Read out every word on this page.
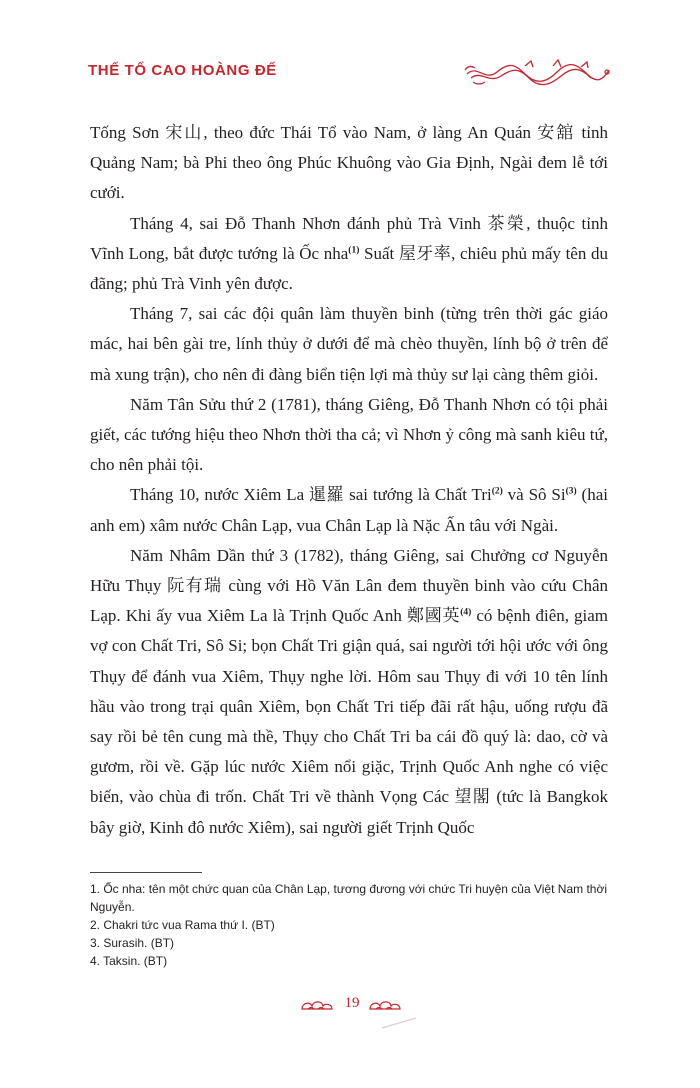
THẾ TỔ CAO HOÀNG ĐẾ

Tống Sơn 宋山, theo đức Thái Tổ vào Nam, ở làng An Quán 安舘 tỉnh Quảng Nam; bà Phi theo ông Phúc Khuông vào Gia Định, Ngài đem lễ tới cưới.

Tháng 4, sai Đỗ Thanh Nhơn đánh phủ Trà Vinh 茶榮, thuộc tỉnh Vĩnh Long, bắt được tướng là Ốc nha$^{(1)}$ Suất 屋牙率, chiêu phủ mấy tên du đãng; phủ Trà Vinh yên được.

Tháng 7, sai các đội quân làm thuyền binh (từng trên thời gác giáo mác, hai bên gài tre, lính thủy ở dưới để mà chèo thuyền, lính bộ ở trên để mà xung trận), cho nên đi đàng biển tiện lợi mà thủy sư lại càng thêm giỏi.

Năm Tân Sửu thứ 2 (1781), tháng Giêng, Đỗ Thanh Nhơn có tội phải giết, các tướng hiệu theo Nhơn thời tha cả; vì Nhơn ỷ công mà sanh kiêu tứ, cho nên phải tội.

Tháng 10, nước Xiêm La 暹羅 sai tướng là Chất Tri$^{(2)}$ và Sô Si$^{(3)}$ (hai anh em) xâm nước Chân Lạp, vua Chân Lạp là Nặc Ấn tâu với Ngài.

Năm Nhâm Dần thứ 3 (1782), tháng Giêng, sai Chưởng cơ Nguyễn Hữu Thụy 阮有瑞 cùng với Hồ Văn Lân đem thuyền binh vào cứu Chân Lạp. Khi ấy vua Xiêm La là Trịnh Quốc Anh 鄭國英$^{(4)}$ có bệnh điên, giam vợ con Chất Tri, Sô Si; bọn Chất Tri giận quá, sai người tới hội ước với ông Thụy để đánh vua Xiêm, Thụy nghe lời. Hôm sau Thụy đi với 10 tên lính hầu vào trong trại quân Xiêm, bọn Chất Tri tiếp đãi rất hậu, uống rượu đã say rồi bẻ tên cung mà thề, Thụy cho Chất Tri ba cái đồ quý là: dao, cờ và gươm, rồi về. Gặp lúc nước Xiêm nổi giặc, Trịnh Quốc Anh nghe có việc biến, vào chùa đi trốn. Chất Tri về thành Vọng Các 望閣 (tức là Bangkok bây giờ, Kinh đô nước Xiêm), sai người giết Trịnh Quốc

1. Ốc nha: tên một chức quan của Chân Lạp, tương đương với chức Tri huyện của Việt Nam thời Nguyễn.
2. Chakri tức vua Rama thứ I. (BT)
3. Surasih. (BT)
4. Taksin. (BT)
19
